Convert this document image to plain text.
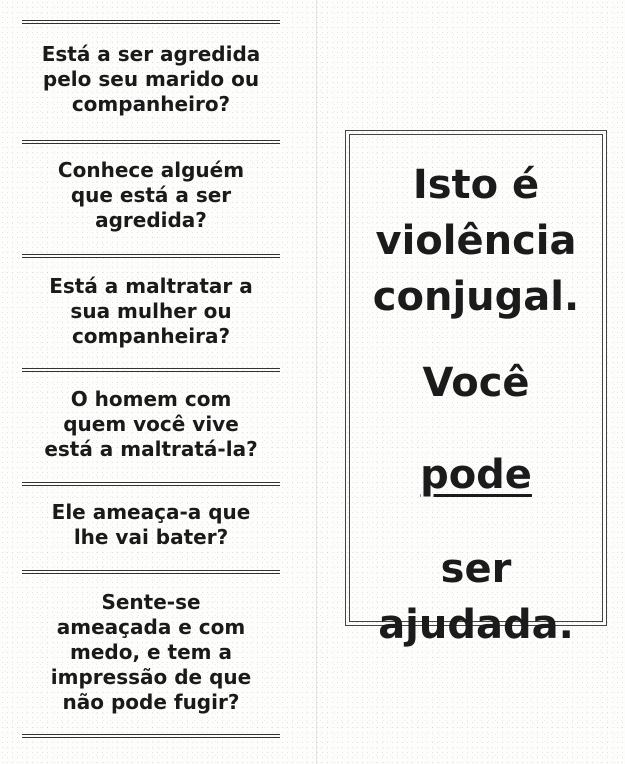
Está a ser agredida
pelo seu marido ou
companheiro?
Conhece alguém
que está a ser
agredida?
Está a maltratar a
sua mulher ou
companheira?
O homem com
quem você vive
está a maltratá-la?
Ele ameaça-a que
lhe vai bater?
Sente-se
ameaçada e com
medo, e tem a
impressão de que
não pode fugir?
Isto é
violência
conjugal.
Você
pode
ser ajudada.
